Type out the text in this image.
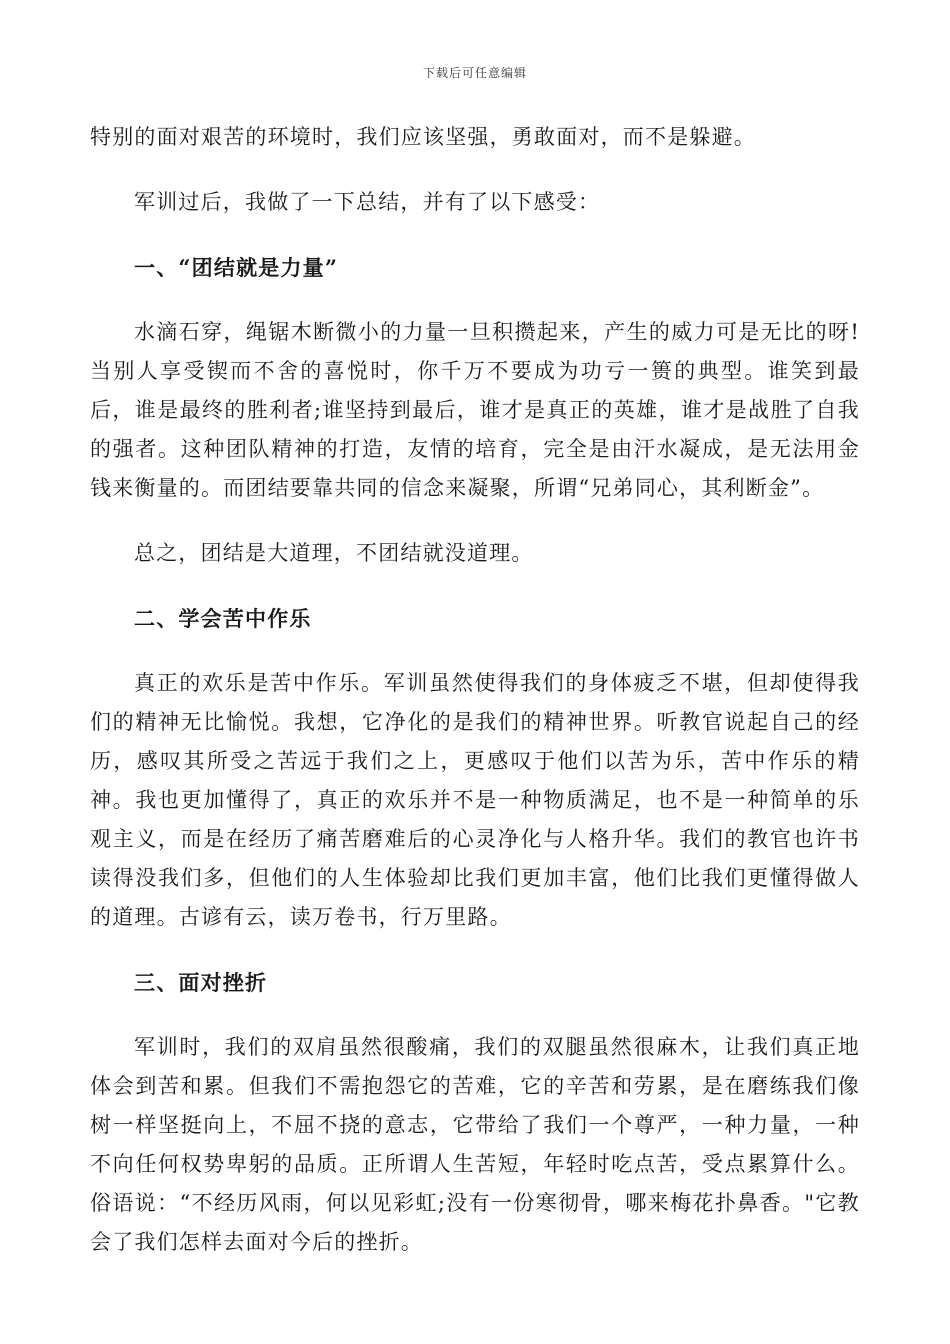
下载后可任意编辑

特别的面对艰苦的环境时，我们应该坚强，勇敢面对，而不是躲避。

军训过后，我做了一下总结，并有了以下感受：

一、“团结就是力量”

水滴石穿，绳锯木断微小的力量一旦积攒起来，产生的威力可是无比的呀!当别人享受锲而不舍的喜悦时，你千万不要成为功亏一篑的典型。谁笑到最后，谁是最终的胜利者;谁坚持到最后，谁才是真正的英雄，谁才是战胜了自我的强者。这种团队精神的打造，友情的培育，完全是由汗水凝成，是无法用金钱来衡量的。而团结要靠共同的信念来凝聚，所谓“兄弟同心，其利断金”。

总之，团结是大道理，不团结就没道理。

二、学会苦中作乐

真正的欢乐是苦中作乐。军训虽然使得我们的身体疲乏不堪，但却使得我们的精神无比愉悦。我想，它净化的是我们的精神世界。听教官说起自己的经历，感叹其所受之苦远于我们之上，更感叹于他们以苦为乐，苦中作乐的精神。我也更加懂得了，真正的欢乐并不是一种物质满足，也不是一种简单的乐观主义，而是在经历了痛苦磨难后的心灵净化与人格升华。我们的教官也许书读得没我们多，但他们的人生体验却比我们更加丰富，他们比我们更懂得做人的道理。古谚有云，读万卷书，行万里路。

三、面对挫折

军训时，我们的双肩虽然很酸痛，我们的双腿虽然很麻木，让我们真正地体会到苦和累。但我们不需抱怨它的苦难，它的辛苦和劳累，是在磨练我们像树一样坚挺向上，不屈不挠的意志，它带给了我们一个尊严，一种力量，一种不向任何权势卑躬的品质。正所谓人生苦短，年轻时吃点苦，受点累算什么。俗语说：“不经历风雨，何以见彩虹;没有一份寒彻骨，哪来梅花扑鼻香。"它教会了我们怎样去面对今后的挫折。
